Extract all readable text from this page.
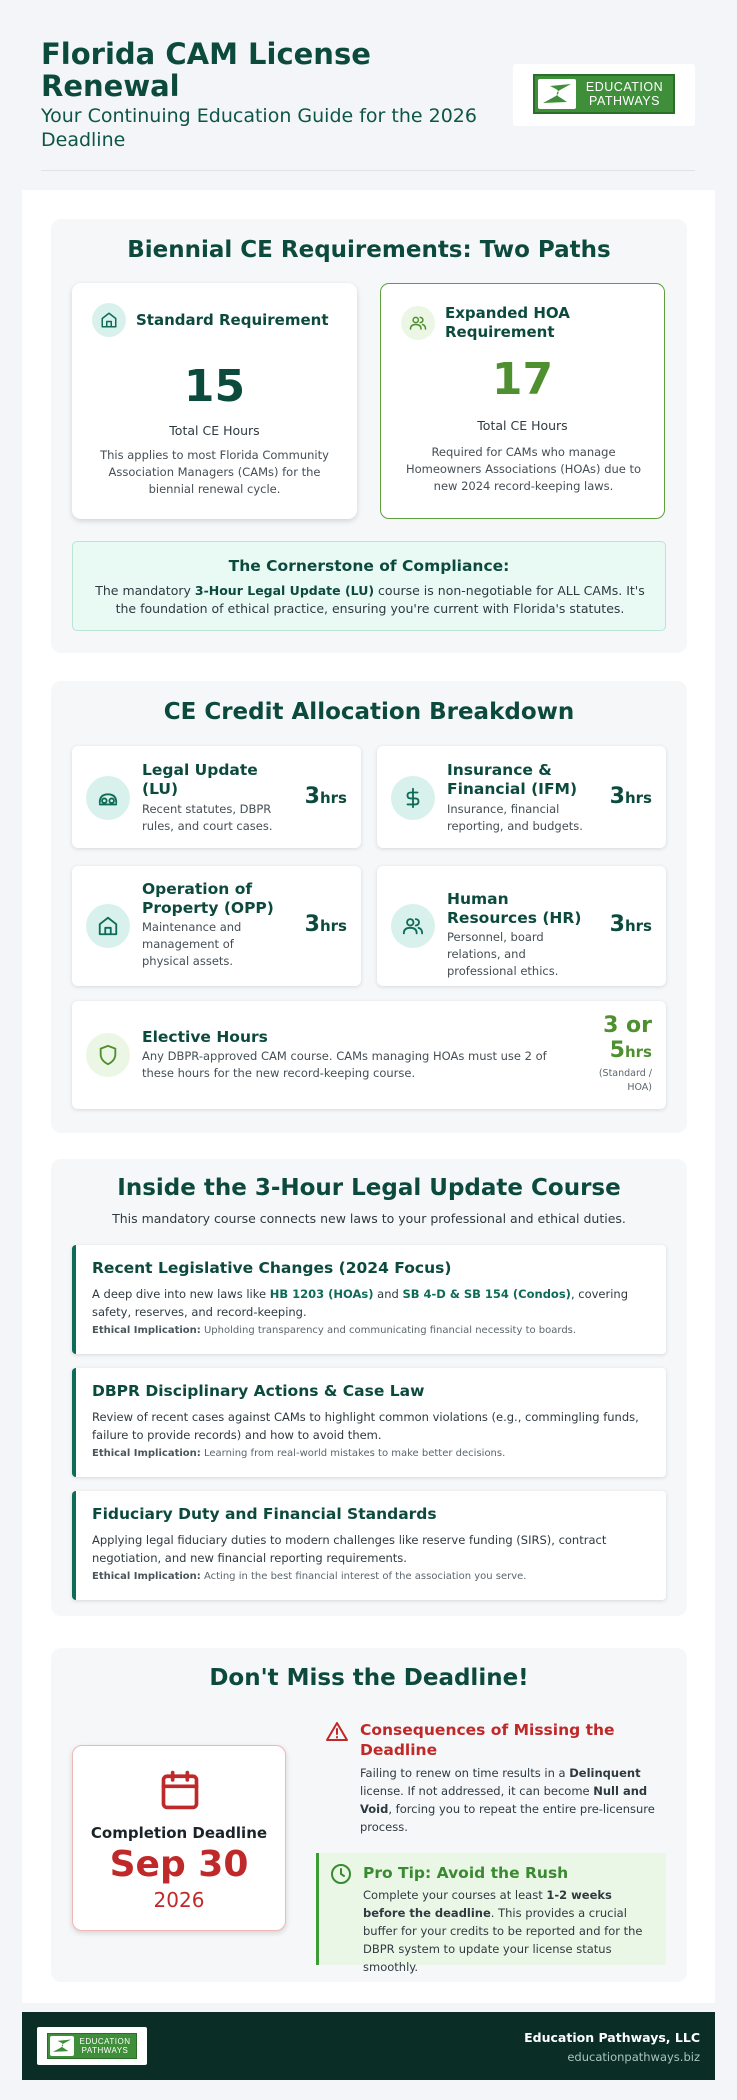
Florida CAM License Renewal
Your Continuing Education Guide for the 2026 Deadline
EDUCATION
PATHWAYS
Biennial CE Requirements: Two Paths
Standard Requirement
15
Total CE Hours
This applies to most Florida Community Association Managers (CAMs) for the biennial renewal cycle.
Expanded HOA Requirement
17
Total CE Hours
Required for CAMs who manage Homeowners Associations (HOAs) due to new 2024 record-keeping laws.
The Cornerstone of Compliance:
The mandatory 3-Hour Legal Update (LU) course is non-negotiable for ALL CAMs. It's the foundation of ethical practice, ensuring you're current with Florida's statutes.
CE Credit Allocation Breakdown
Legal Update (LU)
Recent statutes, DBPR rules, and court cases.
3hrs
Insurance & Financial (IFM)
Insurance, financial reporting, and budgets.
3hrs
Operation of Property (OPP)
Maintenance and management of physical assets.
3hrs
Human Resources (HR)
Personnel, board relations, and professional ethics.
3hrs
Elective Hours
Any DBPR-approved CAM course. CAMs managing HOAs must use 2 of these hours for the new record-keeping course.
3 or
5hrs
(Standard / HOA)
Inside the 3-Hour Legal Update Course
This mandatory course connects new laws to your professional and ethical duties.
Recent Legislative Changes (2024 Focus)
A deep dive into new laws like HB 1203 (HOAs) and SB 4-D & SB 154 (Condos), covering safety, reserves, and record-keeping.
Ethical Implication: Upholding transparency and communicating financial necessity to boards.
DBPR Disciplinary Actions & Case Law
Review of recent cases against CAMs to highlight common violations (e.g., commingling funds, failure to provide records) and how to avoid them.
Ethical Implication: Learning from real-world mistakes to make better decisions.
Fiduciary Duty and Financial Standards
Applying legal fiduciary duties to modern challenges like reserve funding (SIRS), contract negotiation, and new financial reporting requirements.
Ethical Implication: Acting in the best financial interest of the association you serve.
Don't Miss the Deadline!
Completion Deadline
Sep 30
2026
Consequences of Missing the Deadline
Failing to renew on time results in a Delinquent license. If not addressed, it can become Null and Void, forcing you to repeat the entire pre-licensure process.
Pro Tip: Avoid the Rush
Complete your courses at least 1-2 weeks before the deadline. This provides a crucial buffer for your credits to be reported and for the DBPR system to update your license status smoothly.
EDUCATION
PATHWAYS
Education Pathways, LLC
educationpathways.biz
